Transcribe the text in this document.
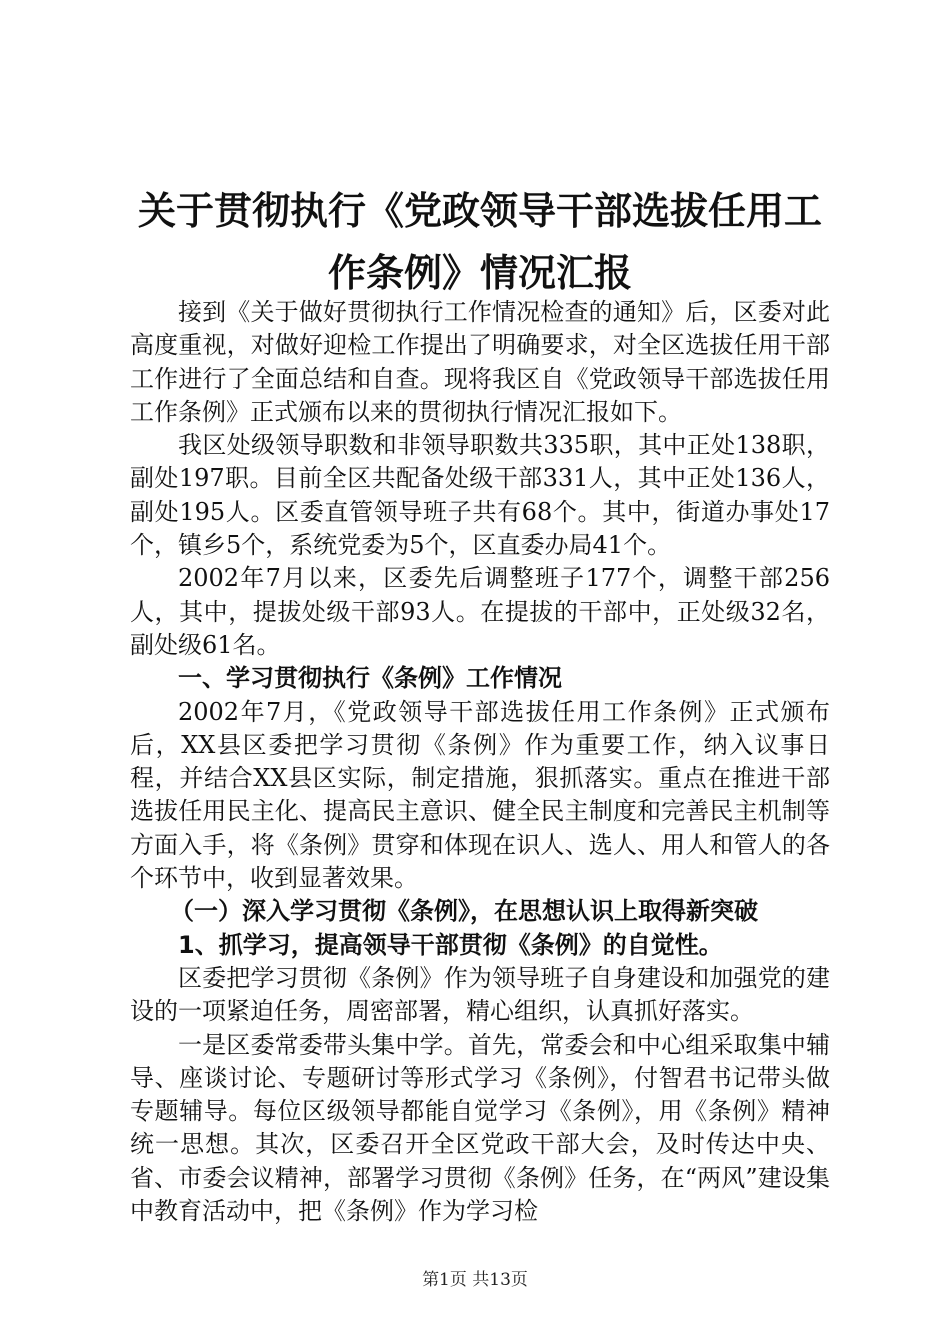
关于贯彻执行《党政领导干部选拔任用工作条例》情况汇报

接到《关于做好贯彻执行工作情况检查的通知》后，区委对此高度重视，对做好迎检工作提出了明确要求，对全区选拔任用干部工作进行了全面总结和自查。现将我区自《党政领导干部选拔任用工作条例》正式颁布以来的贯彻执行情况汇报如下。

我区处级领导职数和非领导职数共335职，其中正处138职，副处197职。目前全区共配备处级干部331人，其中正处136人，副处195人。区委直管领导班子共有68个。其中，街道办事处17个，镇乡5个，系统党委为5个，区直委办局41个。

2002年7月以来，区委先后调整班子177个，调整干部256人，其中，提拔处级干部93人。在提拔的干部中，正处级32名，副处级61名。

一、学习贯彻执行《条例》工作情况

2002年7月，《党政领导干部选拔任用工作条例》正式颁布后，XX县区委把学习贯彻《条例》作为重要工作，纳入议事日程，并结合XX县区实际，制定措施，狠抓落实。重点在推进干部选拔任用民主化、提高民主意识、健全民主制度和完善民主机制等方面入手，将《条例》贯穿和体现在识人、选人、用人和管人的各个环节中，收到显著效果。

（一）深入学习贯彻《条例》，在思想认识上取得新突破

1、抓学习，提高领导干部贯彻《条例》的自觉性。

区委把学习贯彻《条例》作为领导班子自身建设和加强党的建设的一项紧迫任务，周密部署，精心组织，认真抓好落实。

一是区委常委带头集中学。首先，常委会和中心组采取集中辅导、座谈讨论、专题研讨等形式学习《条例》，付智君书记带头做专题辅导。每位区级领导都能自觉学习《条例》，用《条例》精神统一思想。其次，区委召开全区党政干部大会，及时传达中央、省、市委会议精神，部署学习贯彻《条例》任务，在“两风”建设集中教育活动中，把《条例》作为学习检

第1页 共13页
